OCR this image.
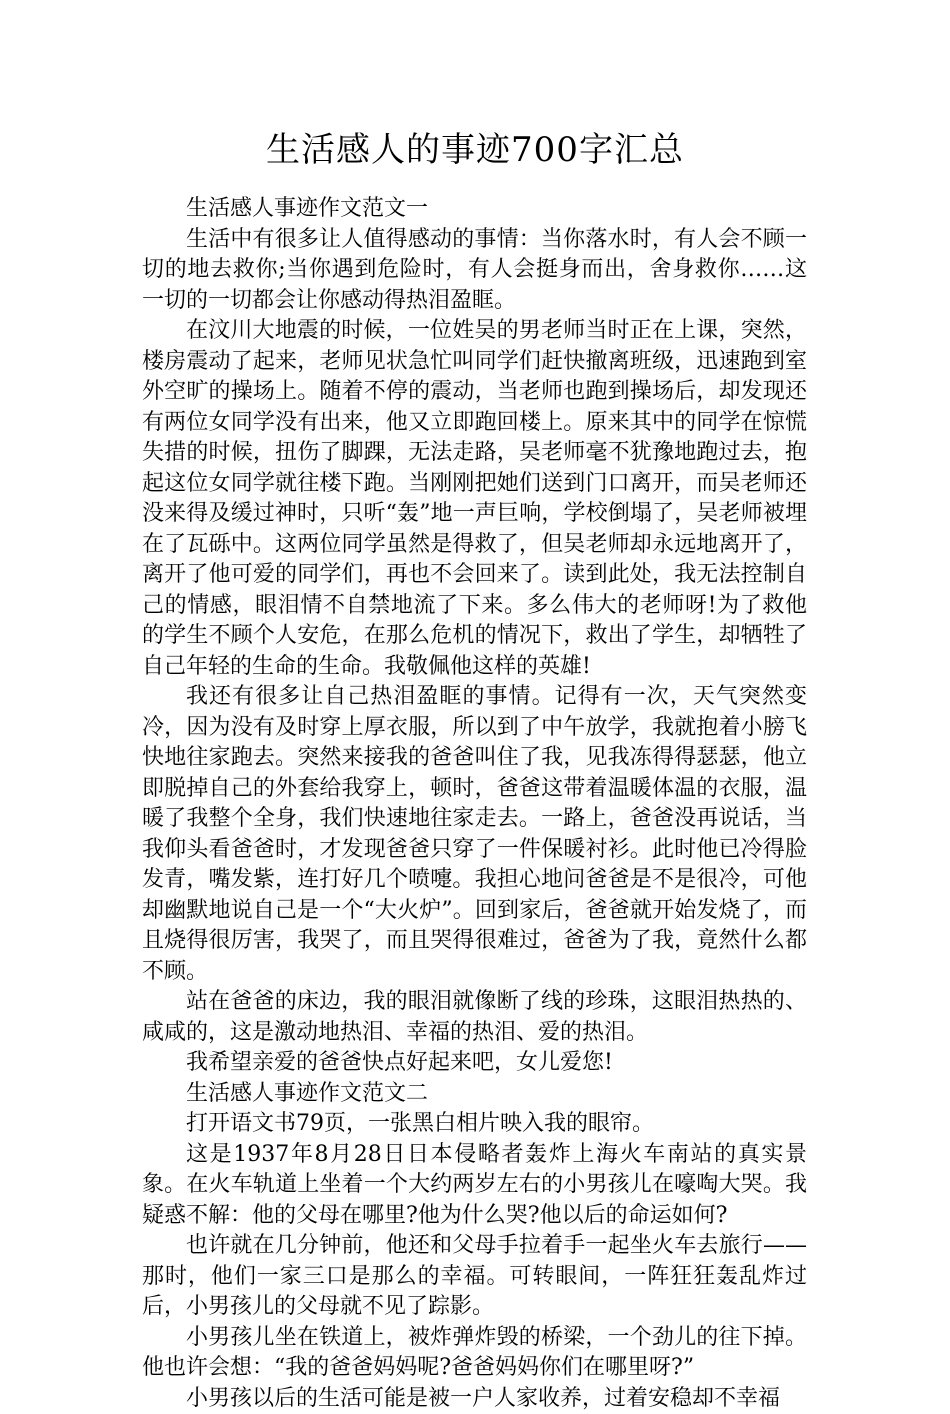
生活感人的事迹700字汇总

生活感人事迹作文范文一

生活中有很多让人值得感动的事情：当你落水时，有人会不顾一切的地去救你;当你遇到危险时，有人会挺身而出，舍身救你……这一切的一切都会让你感动得热泪盈眶。

在汶川大地震的时候，一位姓吴的男老师当时正在上课，突然，楼房震动了起来，老师见状急忙叫同学们赶快撤离班级，迅速跑到室外空旷的操场上。随着不停的震动，当老师也跑到操场后，却发现还有两位女同学没有出来，他又立即跑回楼上。原来其中的同学在惊慌失措的时候，扭伤了脚踝，无法走路，吴老师毫不犹豫地跑过去，抱起这位女同学就往楼下跑。当刚刚把她们送到门口离开，而吴老师还没来得及缓过神时，只听“轰”地一声巨响，学校倒塌了，吴老师被埋在了瓦砾中。这两位同学虽然是得救了，但吴老师却永远地离开了，离开了他可爱的同学们，再也不会回来了。读到此处，我无法控制自己的情感，眼泪情不自禁地流了下来。多么伟大的老师呀!为了救他的学生不顾个人安危，在那么危机的情况下，救出了学生，却牺牲了自己年轻的生命的生命。我敬佩他这样的英雄!

我还有很多让自己热泪盈眶的事情。记得有一次，天气突然变冷，因为没有及时穿上厚衣服，所以到了中午放学，我就抱着小膀飞快地往家跑去。突然来接我的爸爸叫住了我，见我冻得得瑟瑟，他立即脱掉自己的外套给我穿上，顿时，爸爸这带着温暖体温的衣服，温暖了我整个全身，我们快速地往家走去。一路上，爸爸没再说话，当我仰头看爸爸时，才发现爸爸只穿了一件保暖衬衫。此时他已冷得脸发青，嘴发紫，连打好几个喷嚏。我担心地问爸爸是不是很冷，可他却幽默地说自己是一个“大火炉”。回到家后，爸爸就开始发烧了，而且烧得很厉害，我哭了，而且哭得很难过，爸爸为了我，竟然什么都不顾。

站在爸爸的床边，我的眼泪就像断了线的珍珠，这眼泪热热的、咸咸的，这是激动地热泪、幸福的热泪、爱的热泪。

我希望亲爱的爸爸快点好起来吧，女儿爱您!

生活感人事迹作文范文二

打开语文书79页，一张黑白相片映入我的眼帘。

这是1937年8月28日日本侵略者轰炸上海火车南站的真实景象。在火车轨道上坐着一个大约两岁左右的小男孩儿在嚎啕大哭。我疑惑不解：他的父母在哪里?他为什么哭?他以后的命运如何?

也许就在几分钟前，他还和父母手拉着手一起坐火车去旅行——那时，他们一家三口是那么的幸福。可转眼间，一阵狂狂轰乱炸过后，小男孩儿的父母就不见了踪影。

小男孩儿坐在铁道上，被炸弹炸毁的桥梁，一个劲儿的往下掉。他也许会想：“我的爸爸妈妈呢?爸爸妈妈你们在哪里呀?”

小男孩以后的生活可能是被一户人家收养，过着安稳却不幸福
